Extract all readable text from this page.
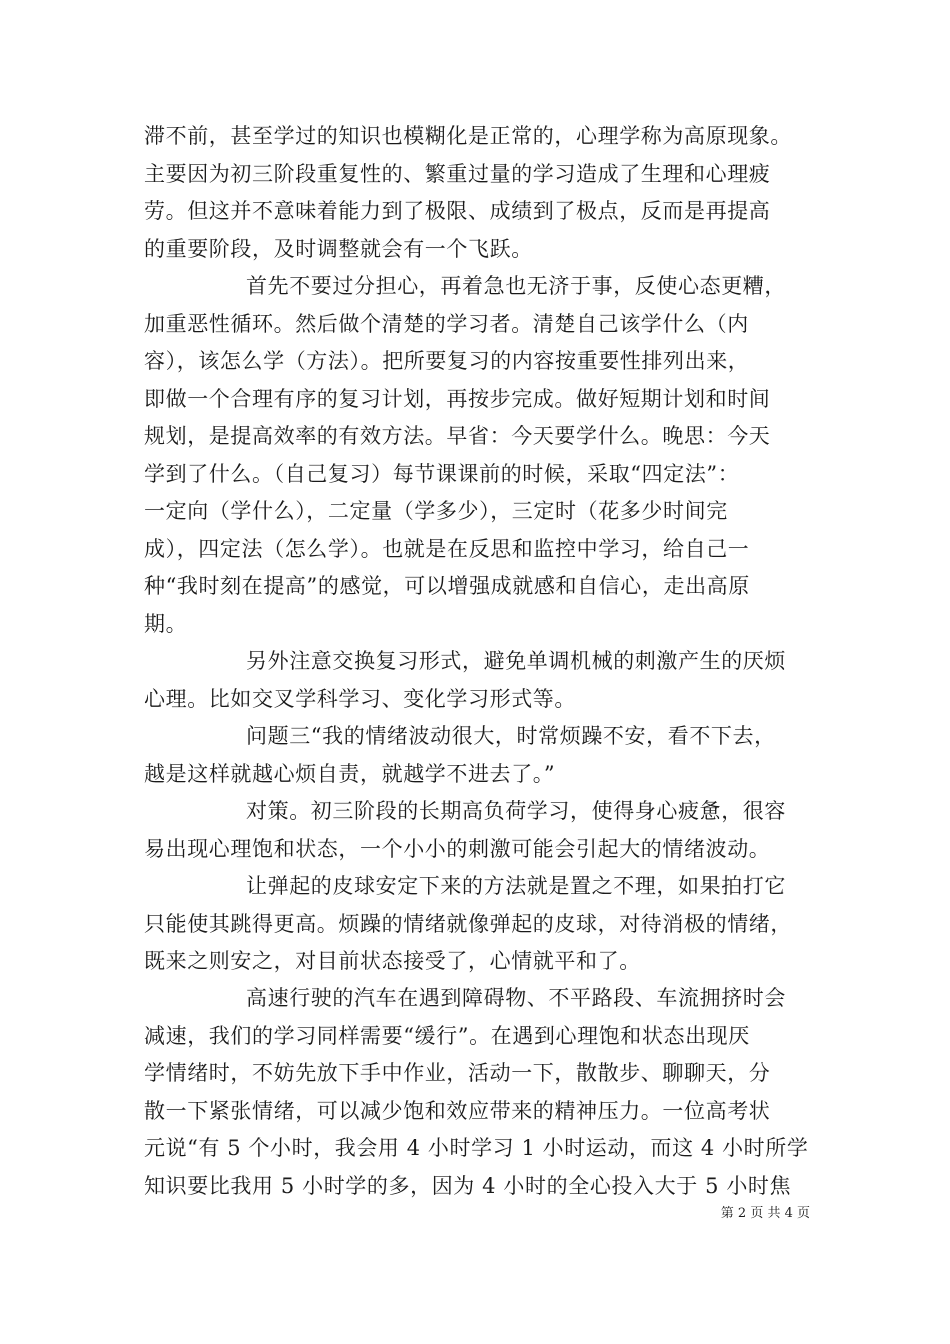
滞不前，甚至学过的知识也模糊化是正常的，心理学称为高原现象。
主要因为初三阶段重复性的、繁重过量的学习造成了生理和心理疲
劳。但这并不意味着能力到了极限、成绩到了极点，反而是再提高
的重要阶段，及时调整就会有一个飞跃。
首先不要过分担心，再着急也无济于事，反使心态更糟，
加重恶性循环。然后做个清楚的学习者。清楚自己该学什么（内
容），该怎么学（方法）。把所要复习的内容按重要性排列出来，
即做一个合理有序的复习计划，再按步完成。做好短期计划和时间
规划，是提高效率的有效方法。早省：今天要学什么。晚思：今天
学到了什么。（自己复习）每节课课前的时候，采取“四定法”：
一定向（学什么），二定量（学多少），三定时（花多少时间完
成），四定法（怎么学）。也就是在反思和监控中学习，给自己一
种“我时刻在提高”的感觉，可以增强成就感和自信心，走出高原
期。
另外注意交换复习形式，避免单调机械的刺激产生的厌烦
心理。比如交叉学科学习、变化学习形式等。
问题三“我的情绪波动很大，时常烦躁不安，看不下去，
越是这样就越心烦自责，就越学不进去了。”
对策。初三阶段的长期高负荷学习，使得身心疲惫，很容
易出现心理饱和状态，一个小小的刺激可能会引起大的情绪波动。
让弹起的皮球安定下来的方法就是置之不理，如果拍打它
只能使其跳得更高。烦躁的情绪就像弹起的皮球，对待消极的情绪，
既来之则安之，对目前状态接受了，心情就平和了。
高速行驶的汽车在遇到障碍物、不平路段、车流拥挤时会
减速，我们的学习同样需要“缓行”。在遇到心理饱和状态出现厌
学情绪时，不妨先放下手中作业，活动一下，散散步、聊聊天，分
散一下紧张情绪，可以减少饱和效应带来的精神压力。一位高考状
元说“有 5 个小时，我会用 4 小时学习 1 小时运动，而这 4 小时所学
知识要比我用 5 小时学的多，因为 4 小时的全心投入大于 5 小时焦
第 2 页 共 4 页
